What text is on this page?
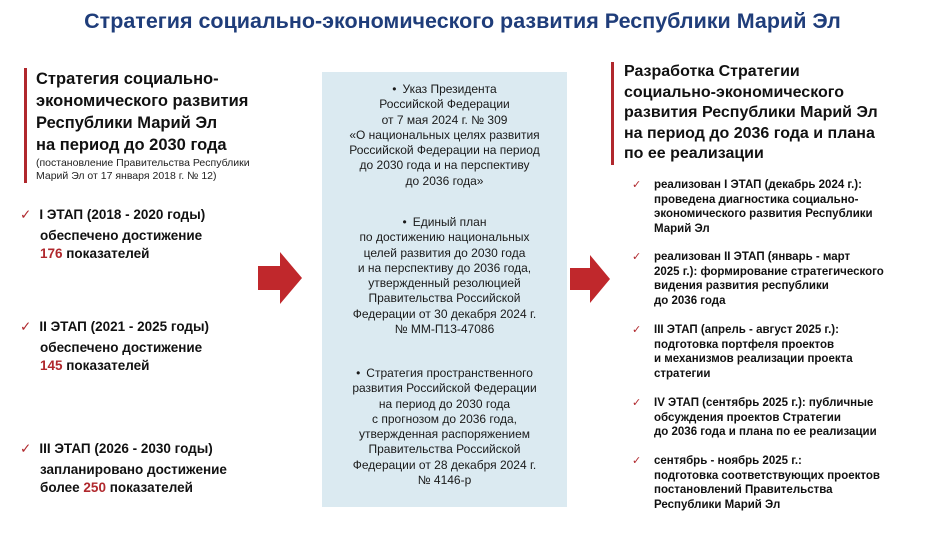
Стратегия социально-экономического развития Республики Марий Эл
Стратегия социально-
экономического развития
Республики Марий Эл
на период до 2030 года
(постановление Правительства Республики
Марий Эл от 17 января 2018 г. № 12)
✓ I ЭТАП (2018 - 2020 годы)
обеспечено достижение
176 показателей
✓ II ЭТАП (2021 - 2025 годы)
обеспечено достижение
145 показателей
✓ III ЭТАП (2026 - 2030 годы)
запланировано достижение
более 250 показателей
• Указ Президента
Российской Федерации
от 7 мая 2024 г. № 309
«О национальных целях развития
Российской Федерации на период
до 2030 года и на перспективу
до 2036 года»
• Единый план
по достижению национальных
целей развития до 2030 года
и на перспективу до 2036 года,
утвержденный резолюцией
Правительства Российской
Федерации от 30 декабря 2024 г.
№ ММ-П13-47086
• Стратегия пространственного
развития Российской Федерации
на период до 2030 года
с прогнозом до 2036 года,
утвержденная распоряжением
Правительства Российской
Федерации от 28 декабря 2024 г.
№ 4146-р
Разработка Стратегии
социально-экономического
развития Республики Марий Эл
на период до 2036 года и плана
по ее реализации
✓	реализован I ЭТАП (декабрь 2024 г.):
проведена диагностика социально-
экономического развития Республики
Марий Эл
✓	реализован II ЭТАП (январь - март
2025 г.): формирование стратегического
видения развития республики
до 2036 года
✓	III ЭТАП (апрель - август 2025 г.):
подготовка портфеля проектов
и механизмов реализации проекта
стратегии
✓	IV ЭТАП (сентябрь 2025 г.): публичные
обсуждения проектов Стратегии
до 2036 года и плана по ее реализации
✓	сентябрь - ноябрь 2025 г.:
подготовка соответствующих проектов
постановлений Правительства
Республики Марий Эл
